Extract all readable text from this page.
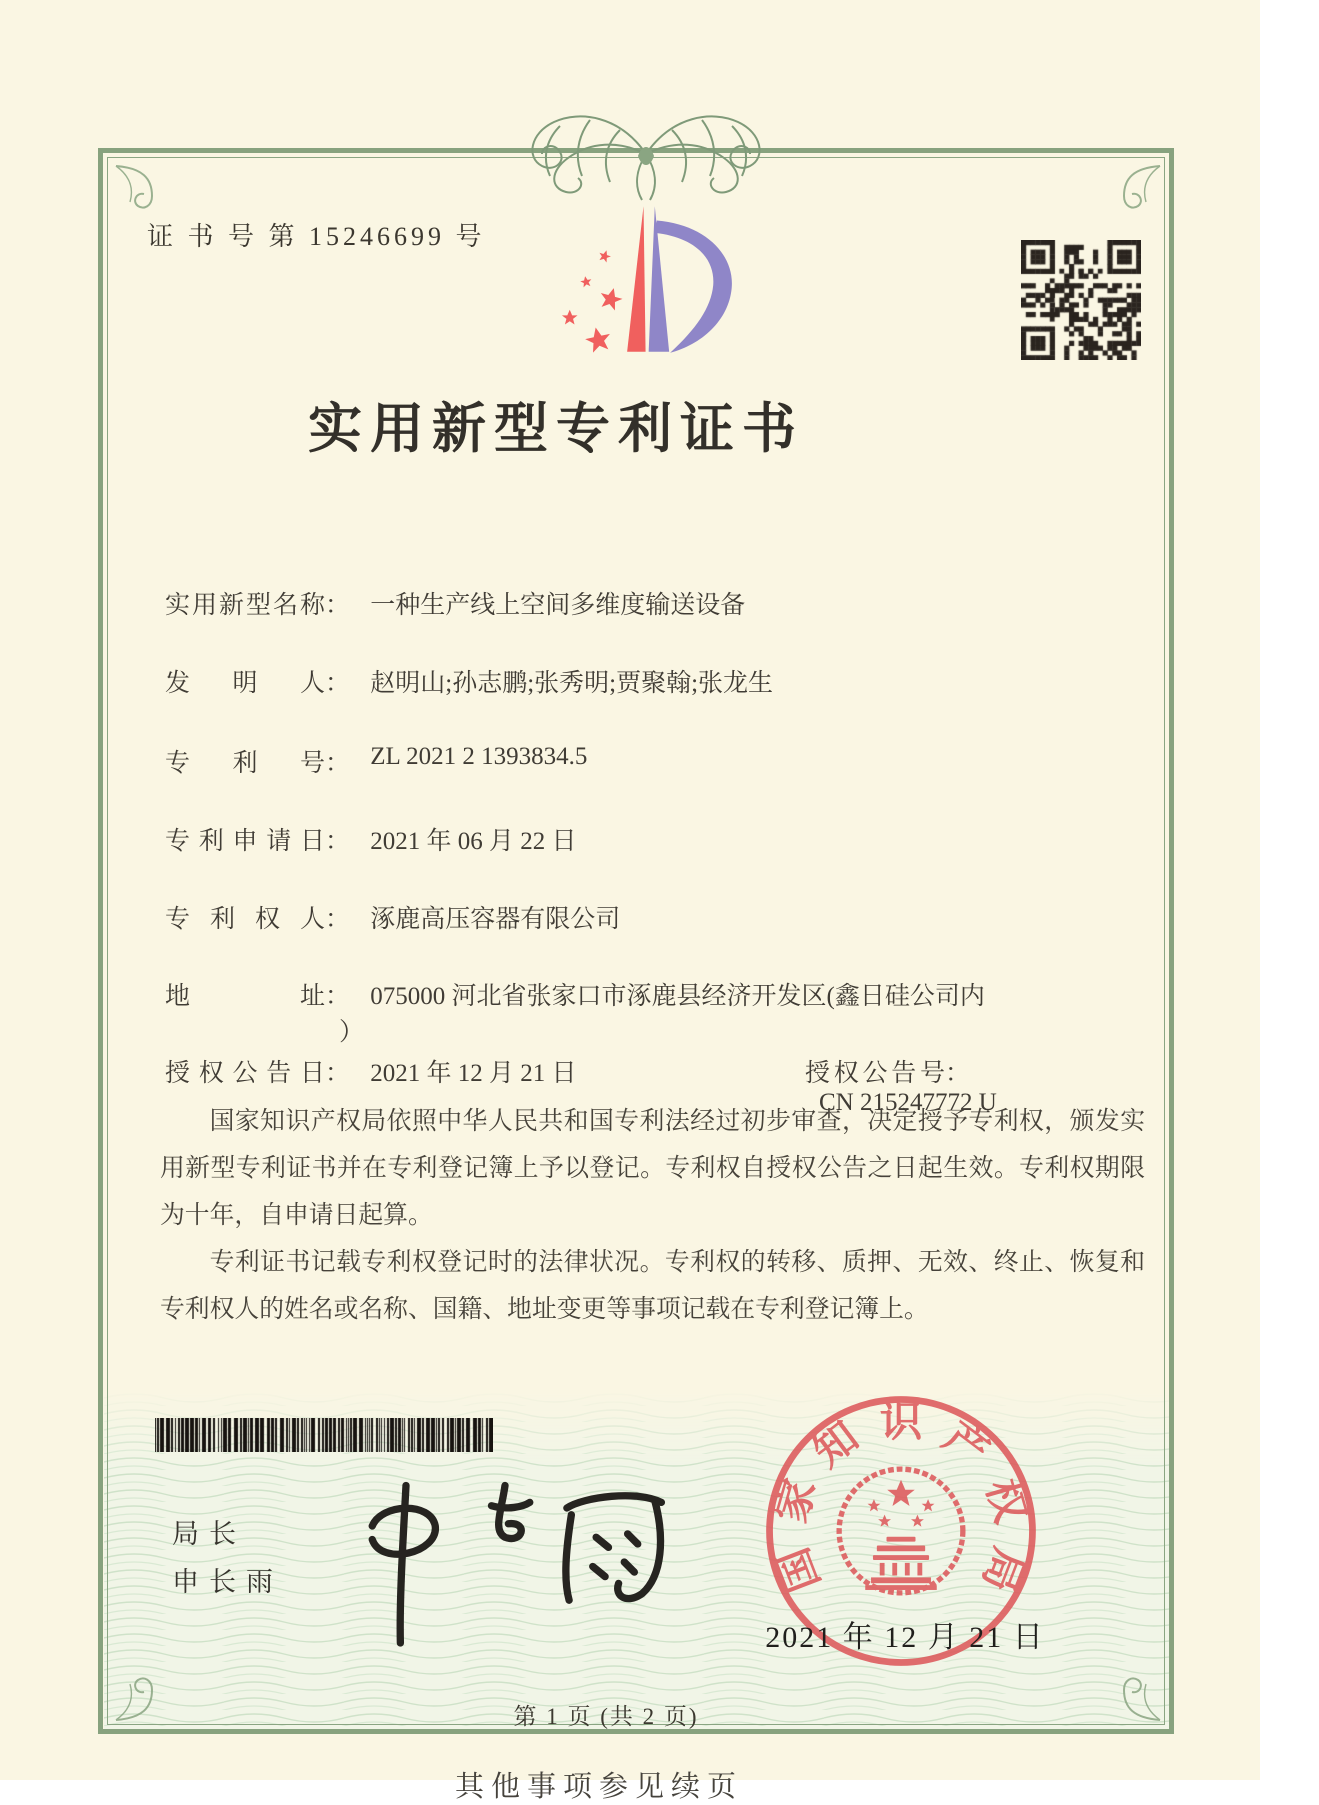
证 书 号 第 15246699 号
实用新型专利证书
实用新型名称： 一种生产线上空间多维度输送设备
发 明 人： 赵明山;孙志鹏;张秀明;贾聚翰;张龙生
专 利 号： ZL 2021 2 1393834.5
专利申请日： 2021 年 06 月 22 日
专 利 权 人： 涿鹿高压容器有限公司
地 址： 075000 河北省张家口市涿鹿县经济开发区(鑫日硅公司内
）
授权公告日： 2021 年 12 月 21 日	授权公告号： CN 215247772 U

国家知识产权局依照中华人民共和国专利法经过初步审查，决定授予专利权，颁发实用新型专利证书并在专利登记簿上予以登记。专利权自授权公告之日起生效。专利权期限为十年，自申请日起算。

专利证书记载专利权登记时的法律状况。专利权的转移、质押、无效、终止、恢复和专利权人的姓名或名称、国籍、地址变更等事项记载在专利登记簿上。

局长
申长雨	国
家
知 识 产
权
局
2021 年 12 月 21 日
第 1 页 (共 2 页)
其他事项参见续页
